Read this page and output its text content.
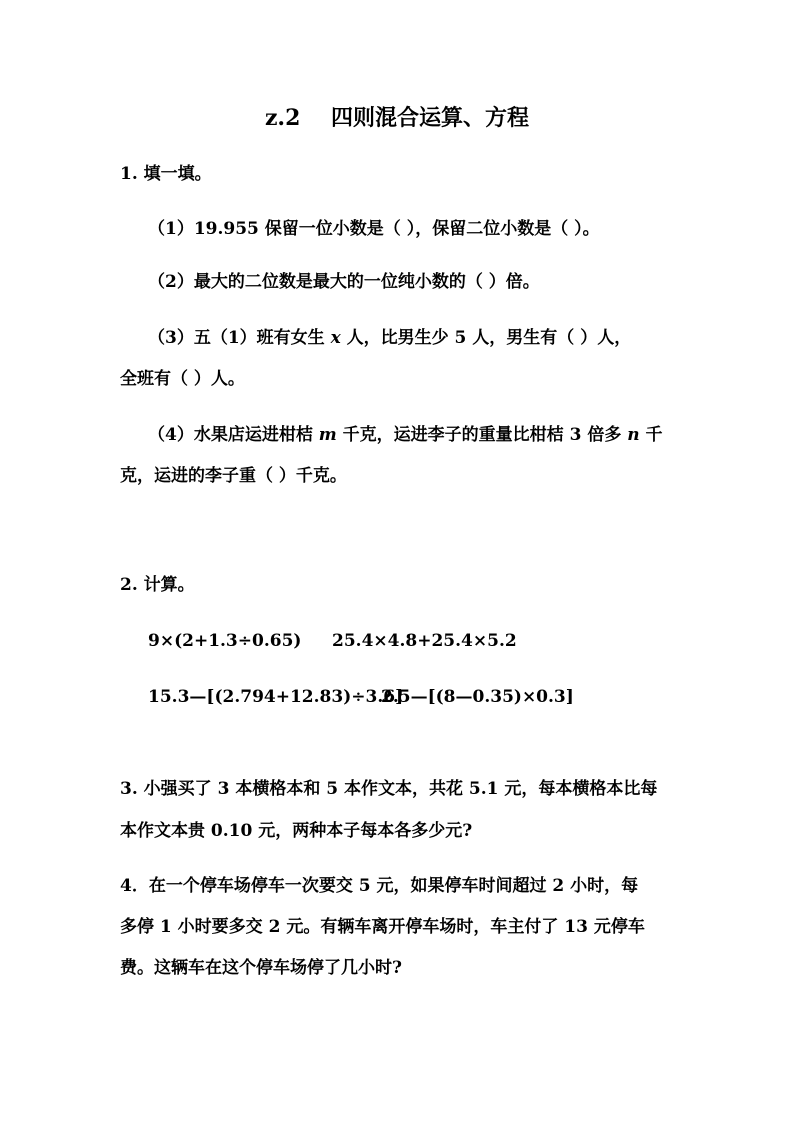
z.2    四则混合运算、方程
1. 填一填。
（1）19.955 保留一位小数是（ ），保留二位小数是（ ）。
（2）最大的二位数是最大的一位纯小数的（ ）倍。
（3）五（1）班有女生 x 人，比男生少 5 人，男生有（ ）人，
全班有（ ）人。
（4）水果店运进柑桔 m 千克，运进李子的重量比柑桔 3 倍多 n 千
克，运进的李子重（ ）千克。
2. 计算。
9×(2+1.3÷0.65) 25.4×4.8+25.4×5.2
15.3—[(2.794+12.83)÷3.6]
2.5—[(8—0.35)×0.3]
3. 小强买了 3 本横格本和 5 本作文本，共花 5.1 元，每本横格本比每
本作文本贵 0.10 元，两种本子每本各多少元?
4．在一个停车场停车一次要交 5 元，如果停车时间超过 2 小时，每
多停 1 小时要多交 2 元。有辆车离开停车场时，车主付了 13 元停车
费。这辆车在这个停车场停了几小时?
